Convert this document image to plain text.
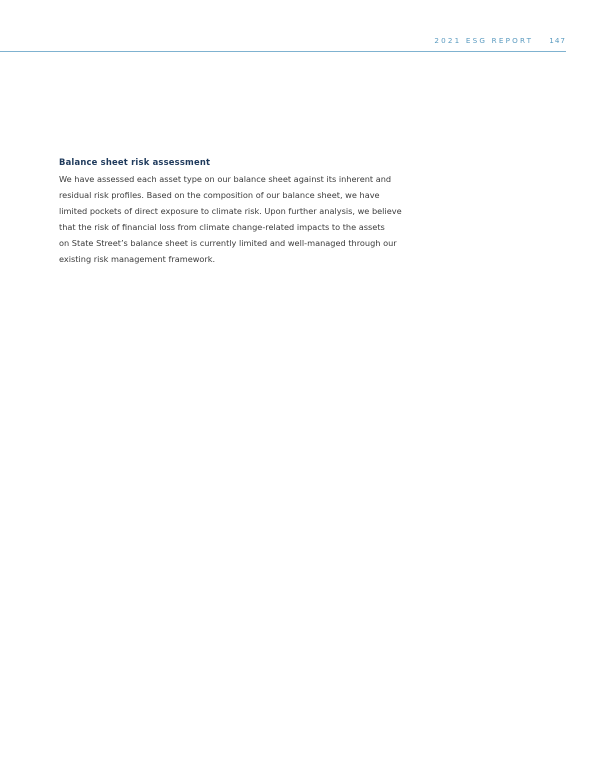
2021 ESG REPORT	147
Balance sheet risk assessment

We have assessed each asset type on our balance sheet against its inherent and
residual risk profiles. Based on the composition of our balance sheet, we have
limited pockets of direct exposure to climate risk. Upon further analysis, we believe
that the risk of financial loss from climate change-related impacts to the assets
on State Street’s balance sheet is currently limited and well-managed through our
existing risk management framework.
